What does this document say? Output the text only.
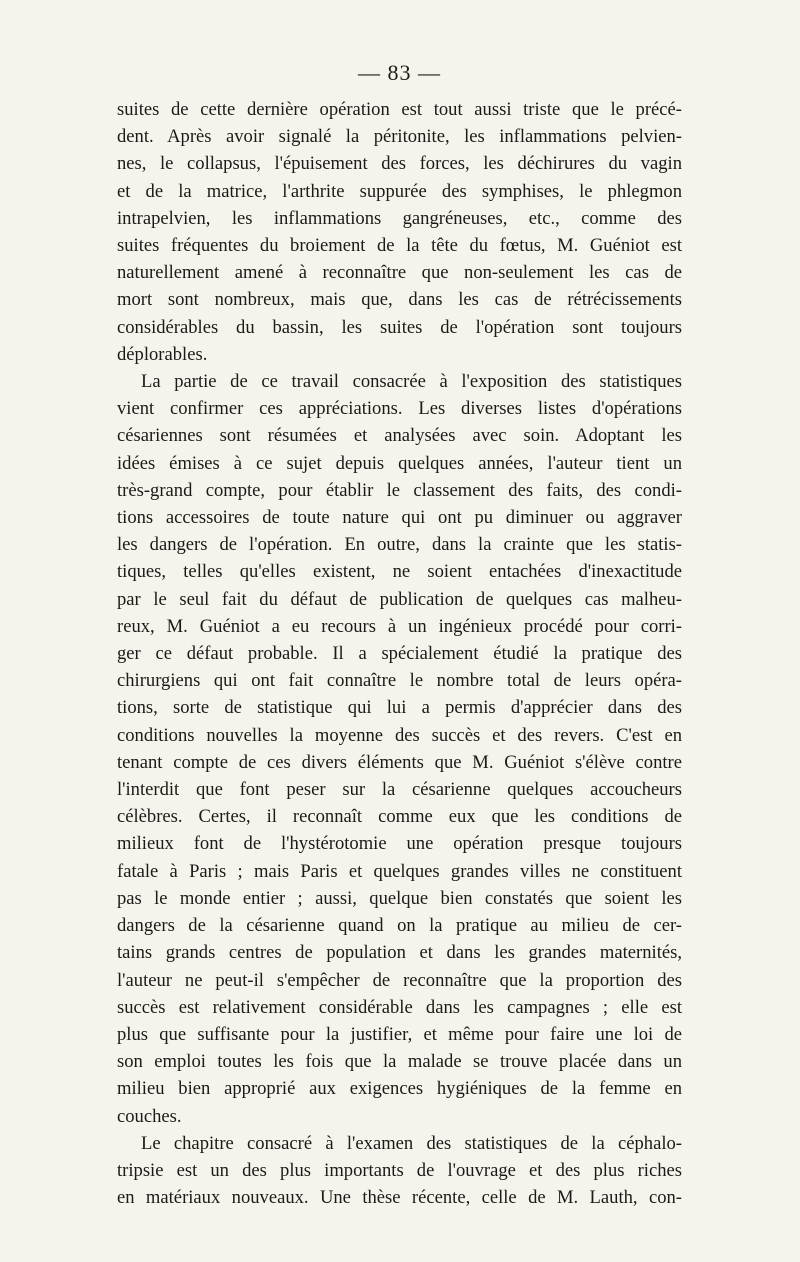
— 83 —

suites de cette dernière opération est tout aussi triste que le précé-
dent. Après avoir signalé la péritonite, les inflammations pelvien-
nes, le collapsus, l'épuisement des forces, les déchirures du vagin
et de la matrice, l'arthrite suppurée des symphises, le phlegmon
intrapelvien, les inflammations gangréneuses, etc., comme des
suites fréquentes du broiement de la tête du fœtus, M. Guéniot est
naturellement amené à reconnaître que non-seulement les cas de
mort sont nombreux, mais que, dans les cas de rétrécissements
considérables du bassin, les suites de l'opération sont toujours
déplorables.

La partie de ce travail consacrée à l'exposition des statistiques
vient confirmer ces appréciations. Les diverses listes d'opérations
césariennes sont résumées et analysées avec soin. Adoptant les
idées émises à ce sujet depuis quelques années, l'auteur tient un
très-grand compte, pour établir le classement des faits, des condi-
tions accessoires de toute nature qui ont pu diminuer ou aggraver
les dangers de l'opération. En outre, dans la crainte que les statis-
tiques, telles qu'elles existent, ne soient entachées d'inexactitude
par le seul fait du défaut de publication de quelques cas malheu-
reux, M. Guéniot a eu recours à un ingénieux procédé pour corri-
ger ce défaut probable. Il a spécialement étudié la pratique des
chirurgiens qui ont fait connaître le nombre total de leurs opéra-
tions, sorte de statistique qui lui a permis d'apprécier dans des
conditions nouvelles la moyenne des succès et des revers. C'est en
tenant compte de ces divers éléments que M. Guéniot s'élève contre
l'interdit que font peser sur la césarienne quelques accoucheurs
célèbres. Certes, il reconnaît comme eux que les conditions de
milieux font de l'hystérotomie une opération presque toujours
fatale à Paris ; mais Paris et quelques grandes villes ne constituent
pas le monde entier ; aussi, quelque bien constatés que soient les
dangers de la césarienne quand on la pratique au milieu de cer-
tains grands centres de population et dans les grandes maternités,
l'auteur ne peut-il s'empêcher de reconnaître que la proportion des
succès est relativement considérable dans les campagnes ; elle est
plus que suffisante pour la justifier, et même pour faire une loi de
son emploi toutes les fois que la malade se trouve placée dans un
milieu bien approprié aux exigences hygiéniques de la femme en
couches.

Le chapitre consacré à l'examen des statistiques de la céphalo-
tripsie est un des plus importants de l'ouvrage et des plus riches
en matériaux nouveaux. Une thèse récente, celle de M. Lauth, con-
